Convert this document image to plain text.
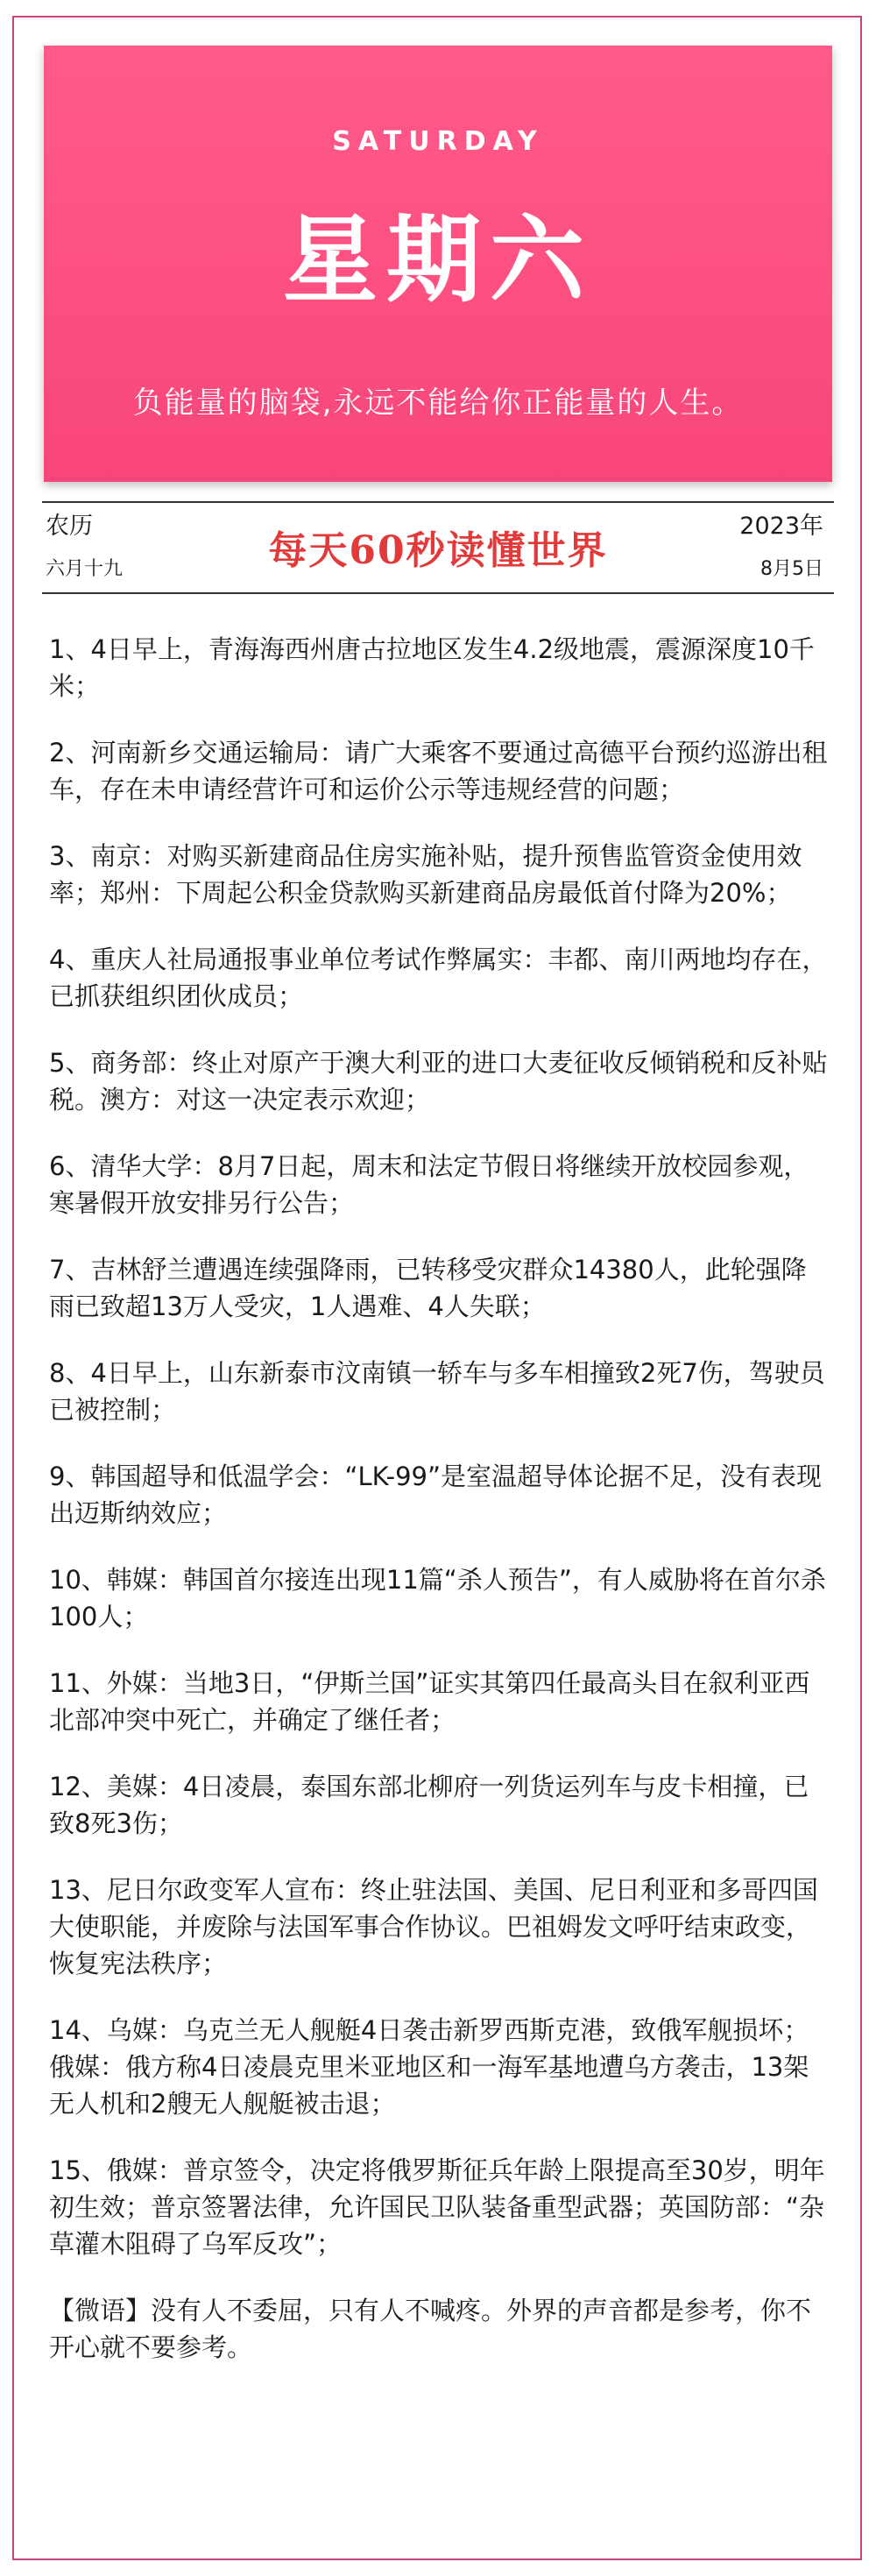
SATURDAY
星期六
负能量的脑袋,永远不能给你正能量的人生。
农历
六月十九	每天60秒读懂世界
2023年
8月5日
1、4日早上，青海海西州唐古拉地区发生4.2级地震，震源深度10千米；
2、河南新乡交通运输局：请广大乘客不要通过高德平台预约巡游出租车，存在未申请经营许可和运价公示等违规经营的问题；
3、南京：对购买新建商品住房实施补贴，提升预售监管资金使用效率；郑州：下周起公积金贷款购买新建商品房最低首付降为20%；
4、重庆人社局通报事业单位考试作弊属实：丰都、南川两地均存在，已抓获组织团伙成员；
5、商务部：终止对原产于澳大利亚的进口大麦征收反倾销税和反补贴税。澳方：对这一决定表示欢迎；
6、清华大学：8月7日起，周末和法定节假日将继续开放校园参观，寒暑假开放安排另行公告；
7、吉林舒兰遭遇连续强降雨，已转移受灾群众14380人，此轮强降雨已致超13万人受灾，1人遇难、4人失联；
8、4日早上，山东新泰市汶南镇一轿车与多车相撞致2死7伤，驾驶员已被控制；
9、韩国超导和低温学会：“LK-99”是室温超导体论据不足，没有表现出迈斯纳效应；
10、韩媒：韩国首尔接连出现11篇“杀人预告”，有人威胁将在首尔杀100人；
11、外媒：当地3日，“伊斯兰国”证实其第四任最高头目在叙利亚西北部冲突中死亡，并确定了继任者；
12、美媒：4日凌晨，泰国东部北柳府一列货运列车与皮卡相撞，已致8死3伤；
13、尼日尔政变军人宣布：终止驻法国、美国、尼日利亚和多哥四国大使职能，并废除与法国军事合作协议。巴祖姆发文呼吁结束政变，恢复宪法秩序；
14、乌媒：乌克兰无人舰艇4日袭击新罗西斯克港，致俄军舰损坏；俄媒：俄方称4日凌晨克里米亚地区和一海军基地遭乌方袭击，13架无人机和2艘无人舰艇被击退；
15、俄媒：普京签令，决定将俄罗斯征兵年龄上限提高至30岁，明年初生效；普京签署法律，允许国民卫队装备重型武器；英国防部：“杂草灌木阻碍了乌军反攻”；
【微语】没有人不委屈，只有人不喊疼。外界的声音都是参考，你不开心就不要参考。
